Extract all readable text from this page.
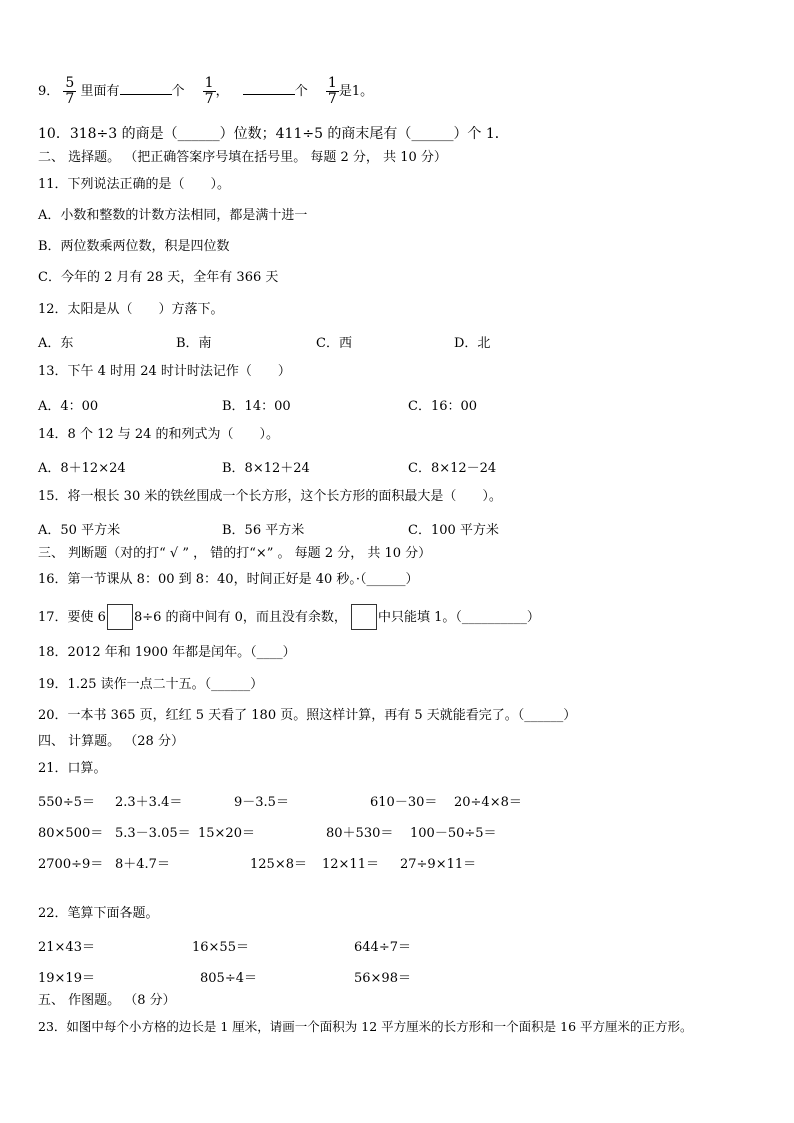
9． $\frac{5}{7}$ 里面有	个 $\frac{1}{7}$ ，	个 $\frac{1}{7}$ 是1。
10．318÷3 的商是（______）位数；411÷5 的商末尾有（______）个 1．
二、 选择题。 （把正确答案序号填在括号里。 每题 2 分， 共 10 分）
11．下列说法正确的是（　　）。
A．小数和整数的计数方法相同，都是满十进一
B．两位数乘两位数，积是四位数
C．今年的 2 月有 28 天，全年有 366 天
12．太阳是从（　　）方落下。
A．东	B．南	C．西	D．北
13．下午 4 时用 24 时计时法记作（　　）
A．4：00	B．14：00	C．16：00
14．8 个 12 与 24 的和列式为（　　）。
A．8＋12×24	B．8×12＋24	C．8×12－24
15．将一根长 30 米的铁丝围成一个长方形，这个长方形的面积最大是（　　）。
A．50 平方米	B．56 平方米	C．100 平方米
三、 判断题（对的打“ √ ” ， 错的打“×” 。 每题 2 分， 共 10 分）
16．第一节课从 8：00 到 8：40，时间正好是 40 秒。·（______）
17．要使 6 8÷6 的商中间有 0，而且没有余数， 中只能填 1。（__________）
18．2012 年和 1900 年都是闰年。（____）
19．1.25 读作一点二十五。（______）
20．一本书 365 页，红红 5 天看了 180 页。照这样计算，再有 5 天就能看完了。（______）
四、 计算题。 （28 分）
21．口算。
550÷5＝ 2.3＋3.4＝	9－3.5＝	610－30＝ 20÷4×8＝
80×500＝ 5.3－3.05＝ 15×20＝	80＋530＝ 100－50÷5＝
2700÷9＝ 8＋4.7＝	125×8＝ 12×11＝ 27÷9×11＝
22．笔算下面各题。
21×43＝	16×55＝	644÷7＝
19×19＝	805÷4＝	56×98＝
五、 作图题。 （8 分）
23．如图中每个小方格的边长是 1 厘米，请画一个面积为 12 平方厘米的长方形和一个面积是 16 平方厘米的正方形。
